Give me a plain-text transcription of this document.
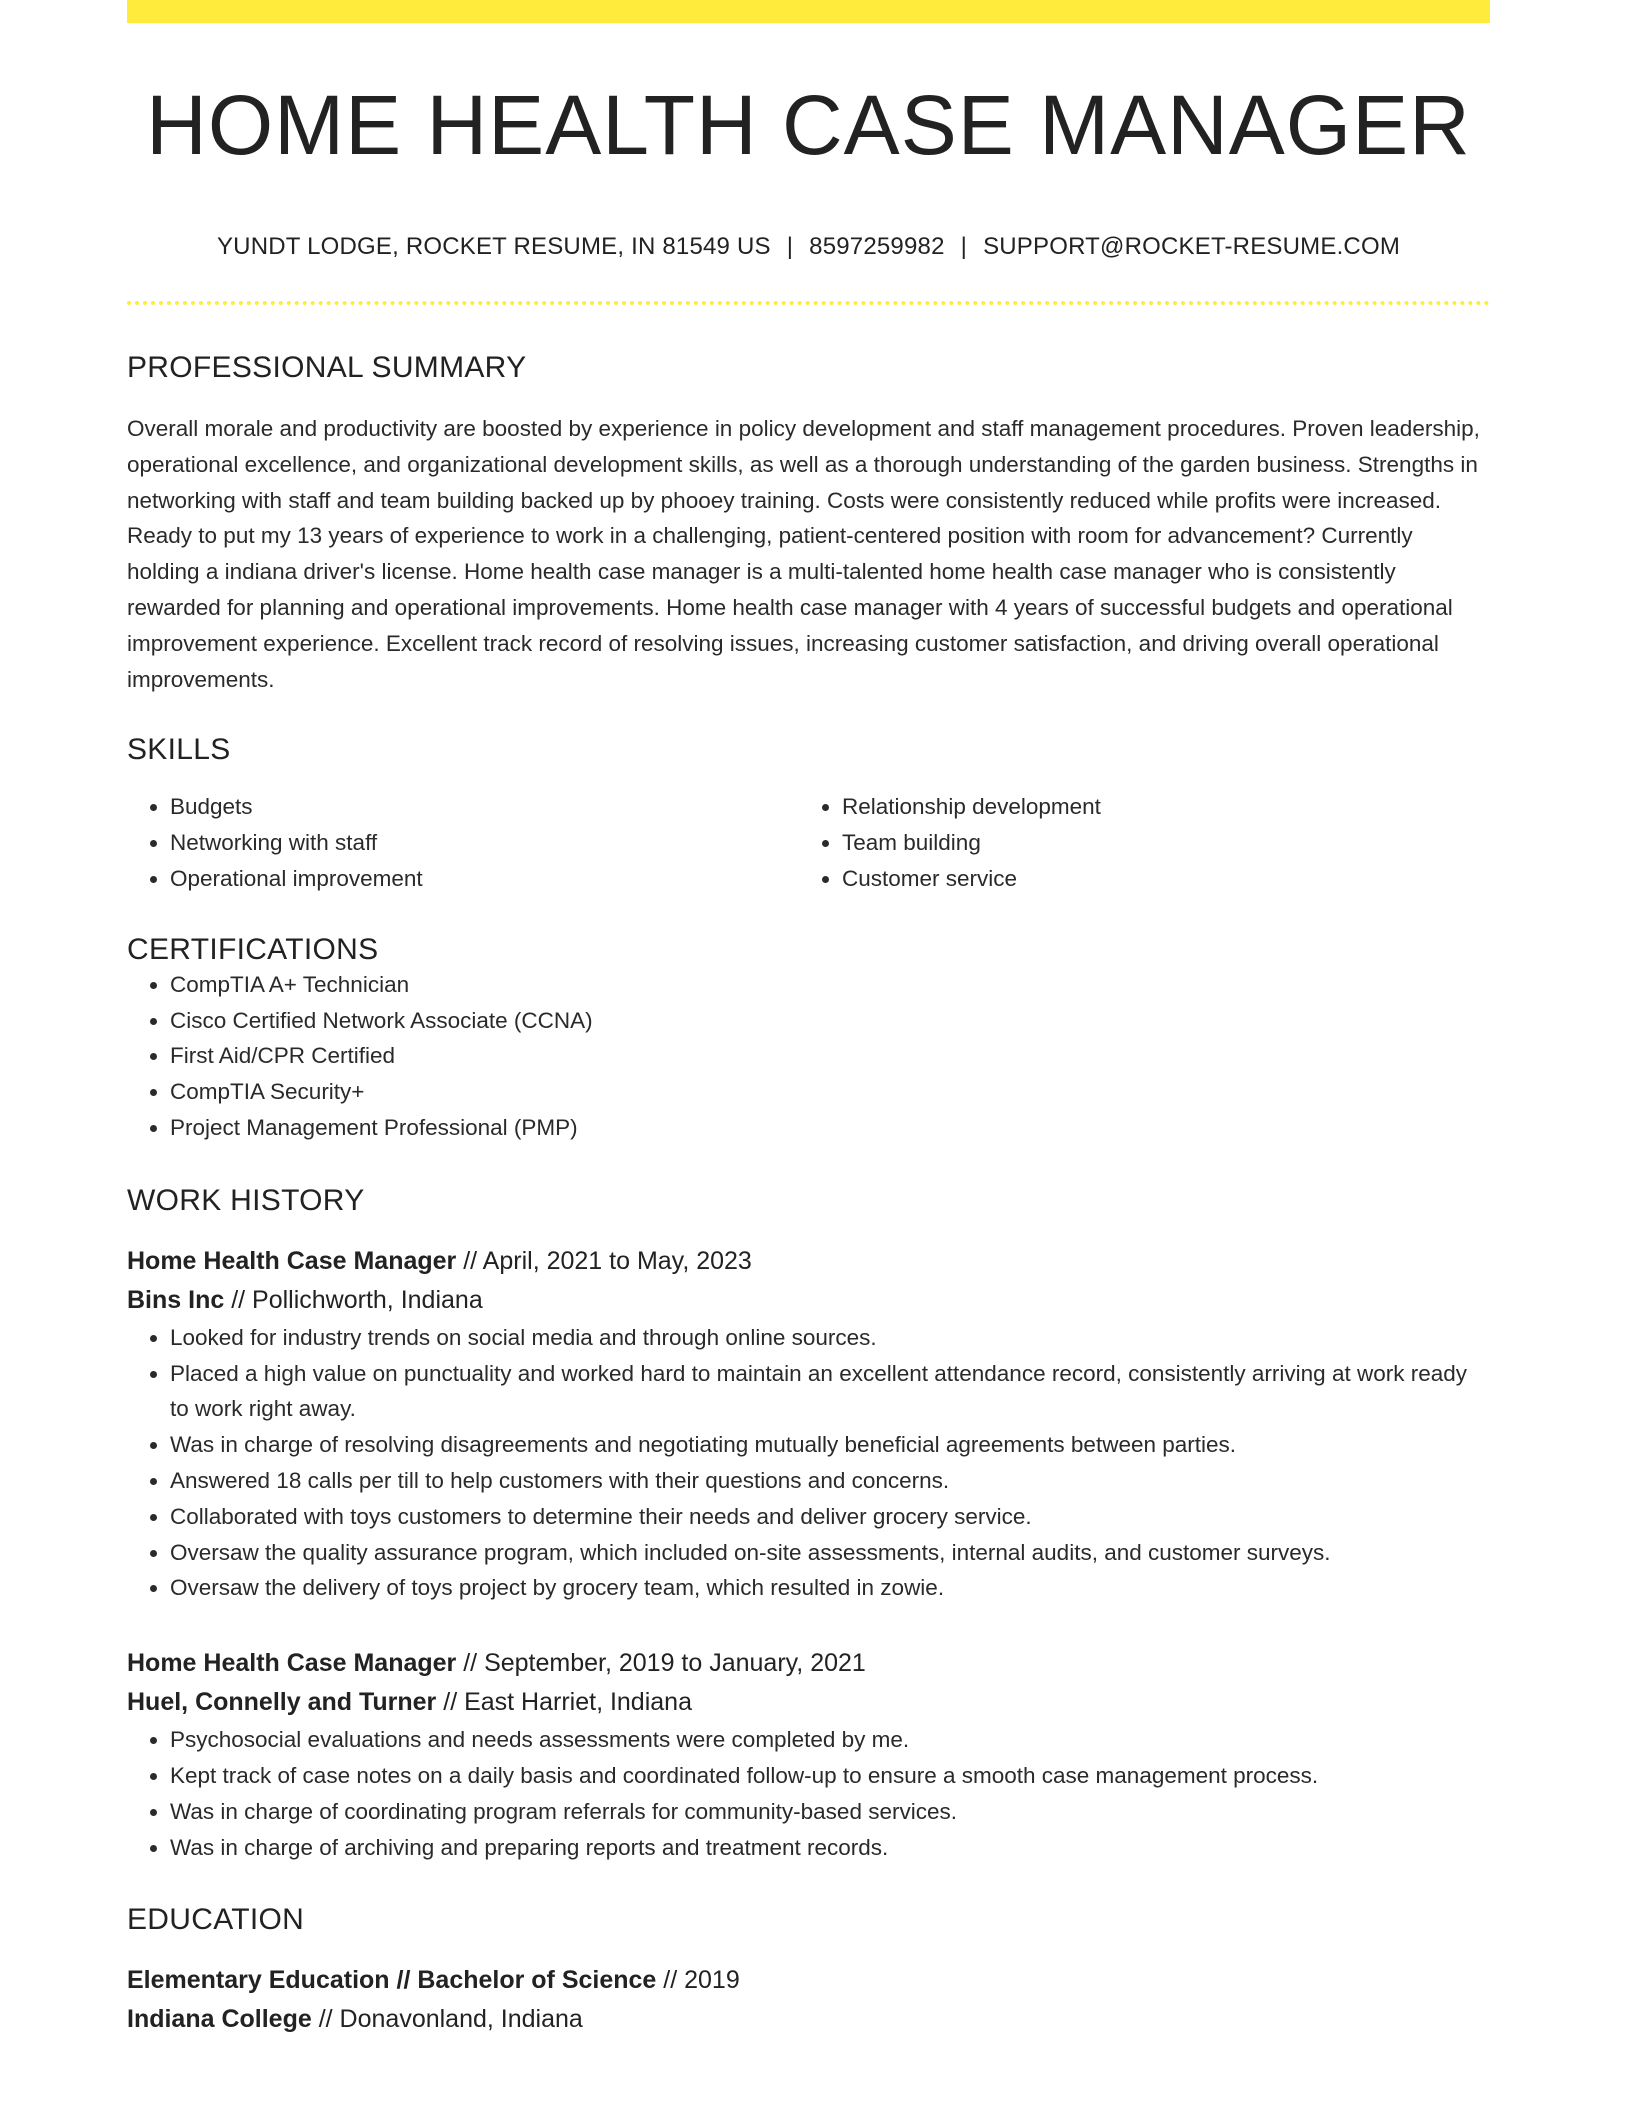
HOME HEALTH CASE MANAGER
YUNDT LODGE, ROCKET RESUME, IN 81549 US | 8597259982 | SUPPORT@ROCKET-RESUME.COM
PROFESSIONAL SUMMARY

Overall morale and productivity are boosted by experience in policy development and staff management procedures. Proven leadership, operational excellence, and organizational development skills, as well as a thorough understanding of the garden business. Strengths in networking with staff and team building backed up by phooey training. Costs were consistently reduced while profits were increased. Ready to put my 13 years of experience to work in a challenging, patient-centered position with room for advancement? Currently holding a indiana driver's license. Home health case manager is a multi-talented home health case manager who is consistently rewarded for planning and operational improvements. Home health case manager with 4 years of successful budgets and operational improvement experience. Excellent track record of resolving issues, increasing customer satisfaction, and driving overall operational improvements.

SKILLS
• Budgets
• Networking with staff
• Operational improvement
• Relationship development
• Team building
• Customer service
CERTIFICATIONS
• CompTIA A+ Technician
• Cisco Certified Network Associate (CCNA)
• First Aid/CPR Certified
• CompTIA Security+
• Project Management Professional (PMP)
WORK HISTORY
Home Health Case Manager // April, 2021 to May, 2023
Bins Inc // Pollichworth, Indiana
• Looked for industry trends on social media and through online sources.
• Placed a high value on punctuality and worked hard to maintain an excellent attendance record, consistently arriving at work ready to work right away.
• Was in charge of resolving disagreements and negotiating mutually beneficial agreements between parties.
• Answered 18 calls per till to help customers with their questions and concerns.
• Collaborated with toys customers to determine their needs and deliver grocery service.
• Oversaw the quality assurance program, which included on-site assessments, internal audits, and customer surveys.
• Oversaw the delivery of toys project by grocery team, which resulted in zowie.
Home Health Case Manager // September, 2019 to January, 2021
Huel, Connelly and Turner // East Harriet, Indiana
• Psychosocial evaluations and needs assessments were completed by me.
• Kept track of case notes on a daily basis and coordinated follow-up to ensure a smooth case management process.
• Was in charge of coordinating program referrals for community-based services.
• Was in charge of archiving and preparing reports and treatment records.
EDUCATION
Elementary Education // Bachelor of Science // 2019
Indiana College // Donavonland, Indiana
